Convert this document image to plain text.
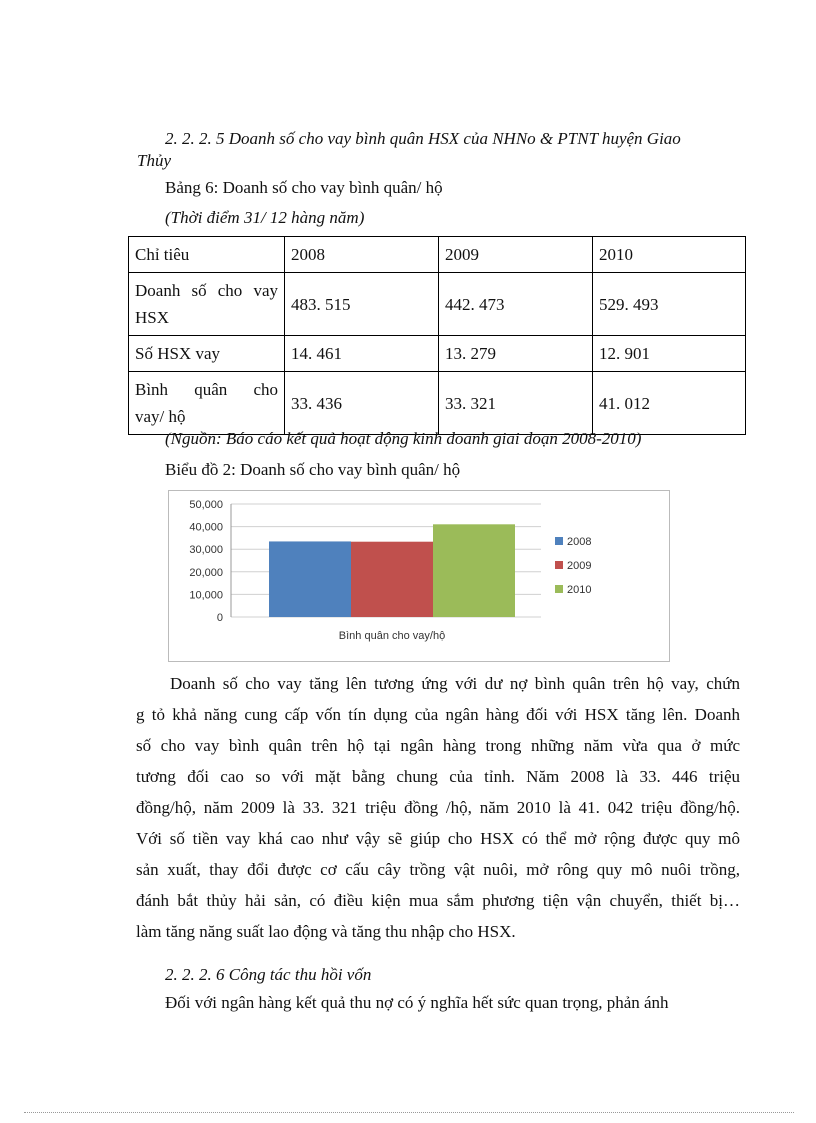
2. 2. 2. 5 Doanh số cho vay bình quân HSX của NHNo & PTNT huyện Giao
Thủy
Bảng 6: Doanh số cho vay bình quân/ hộ
(Thời điểm 31/ 12 hàng năm)
Chỉ tiêu	2008	2009	2010

Doanh số cho vay
HSX	483. 515	442. 473	529. 493
Số HSX vay	14. 461	13. 279	12. 901

Bình quân cho
vay/ hộ	33. 436	33. 321	41. 012
(Nguồn: Báo cáo kết quả hoạt động kinh doanh giai đoạn 2008-2010)
Biểu đồ 2: Doanh số cho vay bình quân/ hộ
0
10,000
20,000
30,000
40,000
50,000
Bình quân cho vay/hộ
2008
2009
2010
Doanh số cho vay tăng lên tương ứng với dư nợ bình quân trên hộ vay, chứn
g tỏ khả năng cung cấp vốn tín dụng của ngân hàng đối với HSX tăng lên. Doanh
số cho vay bình quân trên hộ tại ngân hàng trong những năm vừa qua ở mức
tương đối cao so với mặt bằng chung của tỉnh. Năm 2008 là 33. 446 triệu
đồng/hộ, năm 2009 là 33. 321 triệu đồng /hộ, năm 2010 là 41. 042 triệu đồng/hộ.
Với số tiền vay khá cao như vậy sẽ giúp cho HSX có thể mở rộng được quy mô
sản xuất, thay đổi được cơ cấu cây trồng vật nuôi, mở rông quy mô nuôi trồng,
đánh bắt thủy hải sản, có điều kiện mua sắm phương tiện vận chuyển, thiết bị…
làm tăng năng suất lao động và tăng thu nhập cho HSX.
2. 2. 2. 6 Công tác thu hồi vốn
Đối với ngân hàng kết quả thu nợ có ý nghĩa hết sức quan trọng, phản ánh
